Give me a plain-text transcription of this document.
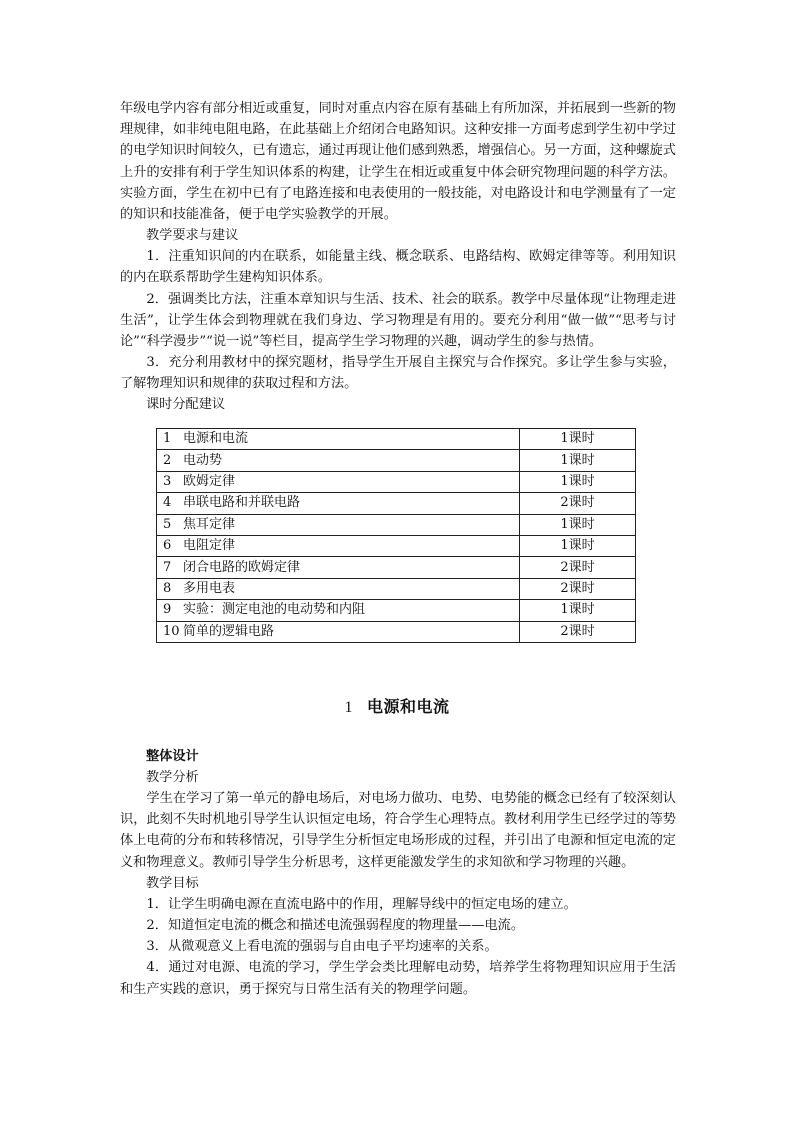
年级电学内容有部分相近或重复，同时对重点内容在原有基础上有所加深，并拓展到一些新的物理规律，如非纯电阻电路，在此基础上介绍闭合电路知识。这种安排一方面考虑到学生初中学过的电学知识时间较久，已有遗忘，通过再现让他们感到熟悉，增强信心。另一方面，这种螺旋式上升的安排有利于学生知识体系的构建，让学生在相近或重复中体会研究物理问题的科学方法。实验方面，学生在初中已有了电路连接和电表使用的一般技能，对电路设计和电学测量有了一定的知识和技能准备，便于电学实验教学的开展。

教学要求与建议

1．注重知识间的内在联系，如能量主线、概念联系、电路结构、欧姆定律等等。利用知识的内在联系帮助学生建构知识体系。

2．强调类比方法，注重本章知识与生活、技术、社会的联系。教学中尽量体现“让物理走进生活”，让学生体会到物理就在我们身边、学习物理是有用的。要充分利用“做一做”“思考与讨论”“科学漫步”“说一说”等栏目，提高学生学习物理的兴趣，调动学生的参与热情。

3．充分利用教材中的探究题材，指导学生开展自主探究与合作探究。多让学生参与实验，了解物理知识和规律的获取过程和方法。

课时分配建议

1 电源和电流	1课时
2 电动势	1课时
3 欧姆定律	1课时
4 串联电路和并联电路	2课时
5 焦耳定律	1课时
6 电阻定律	1课时
7 闭合电路的欧姆定律	2课时
8 多用电表	2课时
9 实验：测定电池的电动势和内阻	1课时
10 简单的逻辑电路	2课时
1 电源和电流

整体设计

教学分析

学生在学习了第一单元的静电场后，对电场力做功、电势、电势能的概念已经有了较深刻认识，此刻不失时机地引导学生认识恒定电场，符合学生心理特点。教材利用学生已经学过的等势体上电荷的分布和转移情况，引导学生分析恒定电场形成的过程，并引出了电源和恒定电流的定义和物理意义。教师引导学生分析思考，这样更能激发学生的求知欲和学习物理的兴趣。

教学目标

1．让学生明确电源在直流电路中的作用，理解导线中的恒定电场的建立。

2．知道恒定电流的概念和描述电流强弱程度的物理量——电流。

3．从微观意义上看电流的强弱与自由电子平均速率的关系。

4．通过对电源、电流的学习，学生学会类比理解电动势，培养学生将物理知识应用于生活和生产实践的意识，勇于探究与日常生活有关的物理学问题。
